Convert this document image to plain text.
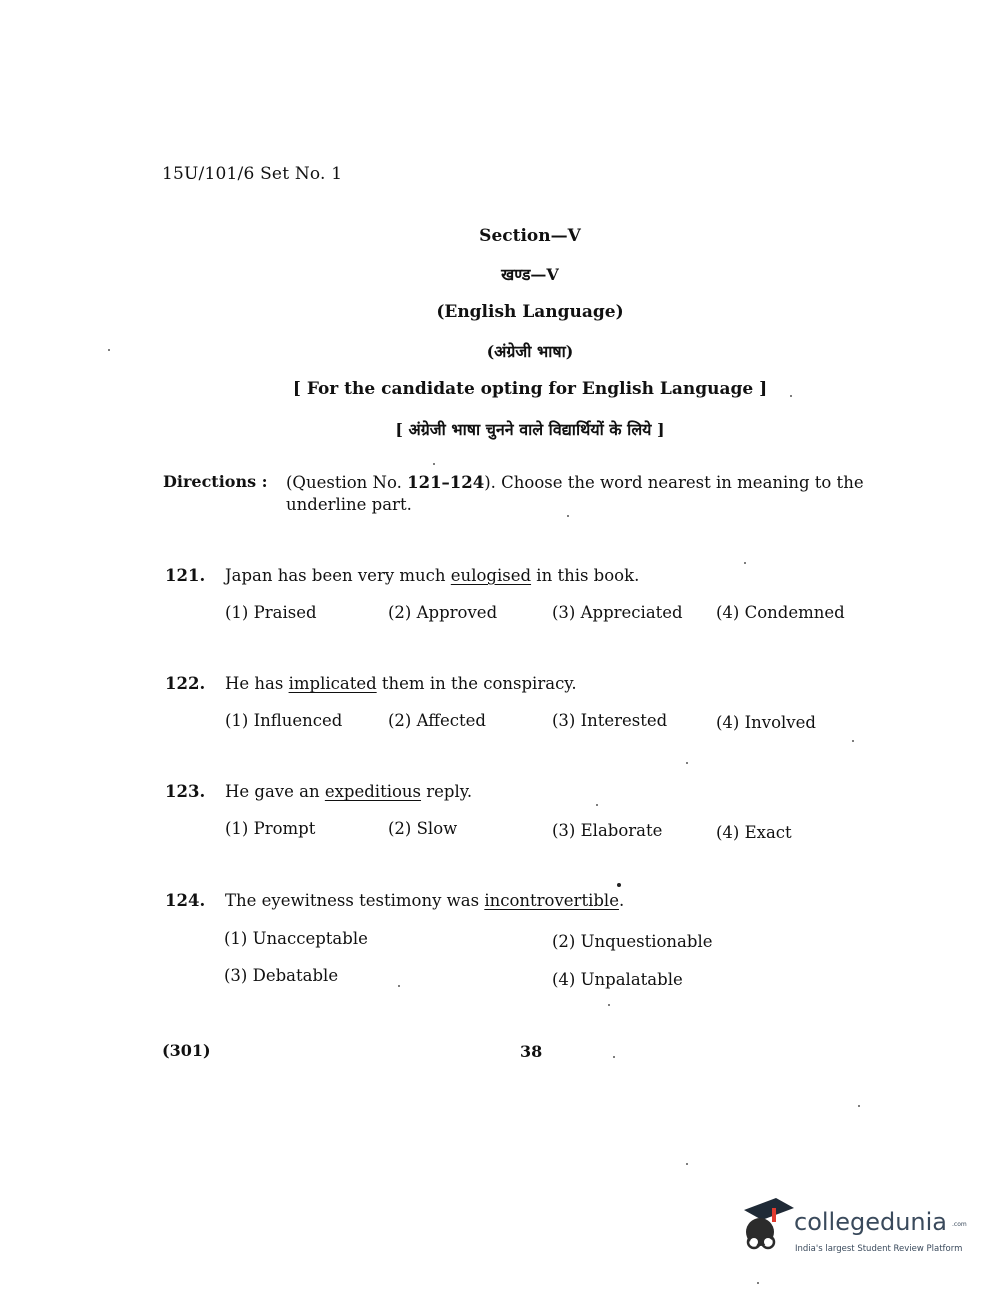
15U/101/6 Set No. 1
Section—V
खण्ड—V
(English Language)
(अंग्रेजी भाषा)
[ For the candidate opting for English Language ]
[ अंग्रेजी भाषा चुनने वाले विद्यार्थियों के लिये ]
Directions : (Question No. 121–124). Choose the word nearest in meaning to the underline part.
121. Japan has been very much eulogised in this book.
(1) Praised	(2) Approved	(3) Appreciated (4) Condemned
122. He has implicated them in the conspiracy.
(1) Influenced	(2) Affected	(3) Interested	(4) Involved
123. He gave an expeditious reply.
(1) Prompt	(2) Slow	(3) Elaborate	(4) Exact
124. The eyewitness testimony was incontrovertible.
(1) Unacceptable	(2) Unquestionable
(3) Debatable	(4) Unpalatable
(301)	38
collegedunia .com
India's largest Student Review Platform
